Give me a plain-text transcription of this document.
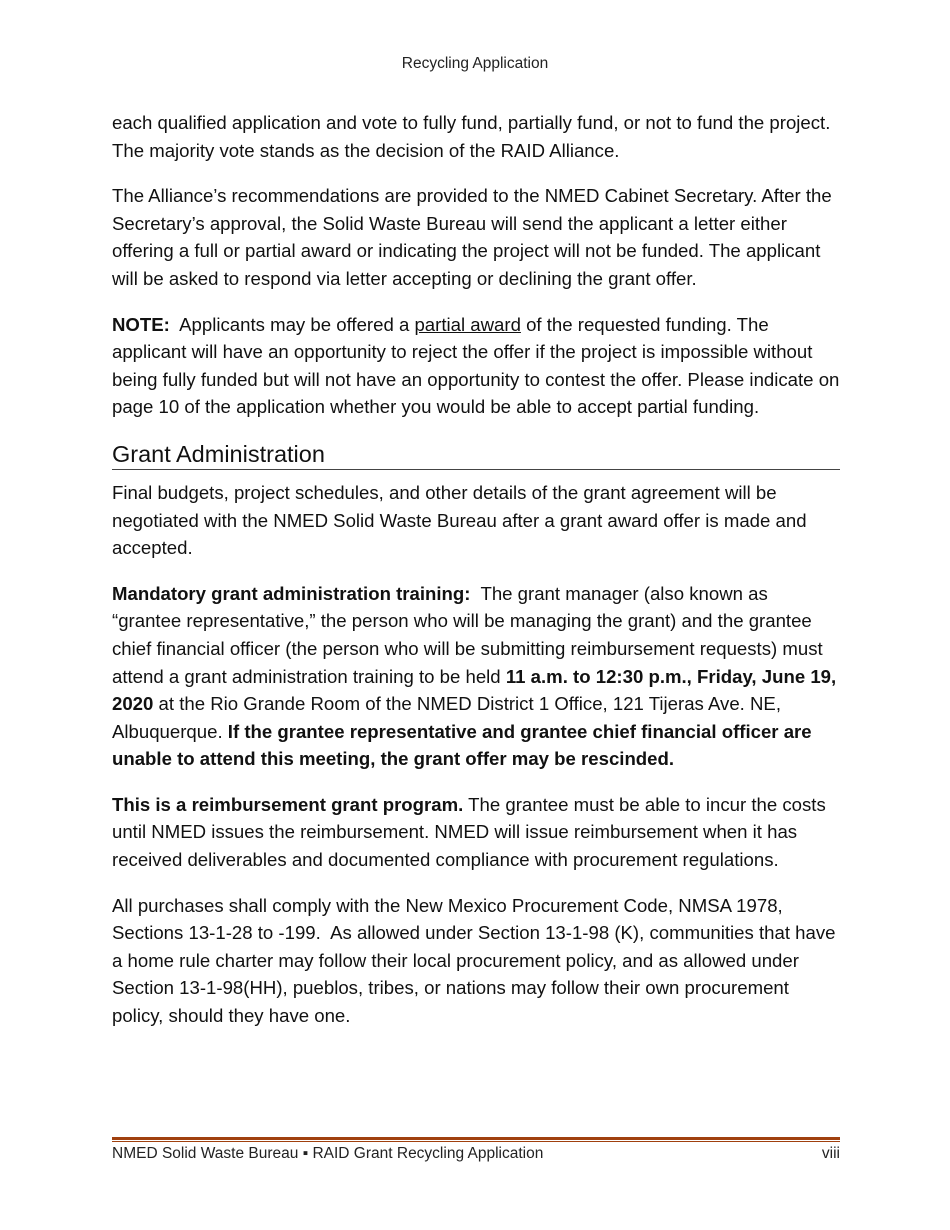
Recycling Application

each qualified application and vote to fully fund, partially fund, or not to fund the project. The majority vote stands as the decision of the RAID Alliance.

The Alliance’s recommendations are provided to the NMED Cabinet Secretary. After the Secretary’s approval, the Solid Waste Bureau will send the applicant a letter either offering a full or partial award or indicating the project will not be funded. The applicant will be asked to respond via letter accepting or declining the grant offer.

NOTE:  Applicants may be offered a partial award of the requested funding. The applicant will have an opportunity to reject the offer if the project is impossible without being fully funded but will not have an opportunity to contest the offer. Please indicate on page 10 of the application whether you would be able to accept partial funding.

Grant Administration

Final budgets, project schedules, and other details of the grant agreement will be negotiated with the NMED Solid Waste Bureau after a grant award offer is made and accepted.

Mandatory grant administration training:  The grant manager (also known as “grantee representative,” the person who will be managing the grant) and the grantee chief financial officer (the person who will be submitting reimbursement requests) must attend a grant administration training to be held 11 a.m. to 12:30 p.m., Friday, June 19, 2020 at the Rio Grande Room of the NMED District 1 Office, 121 Tijeras Ave. NE, Albuquerque. If the grantee representative and grantee chief financial officer are unable to attend this meeting, the grant offer may be rescinded.

This is a reimbursement grant program. The grantee must be able to incur the costs until NMED issues the reimbursement. NMED will issue reimbursement when it has received deliverables and documented compliance with procurement regulations.

All purchases shall comply with the New Mexico Procurement Code, NMSA 1978, Sections 13-1-28 to -199.  As allowed under Section 13-1-98 (K), communities that have a home rule charter may follow their local procurement policy, and as allowed under Section 13-1-98(HH), pueblos, tribes, or nations may follow their own procurement policy, should they have one.

NMED Solid Waste Bureau ▪ RAID Grant Recycling Application	viii
